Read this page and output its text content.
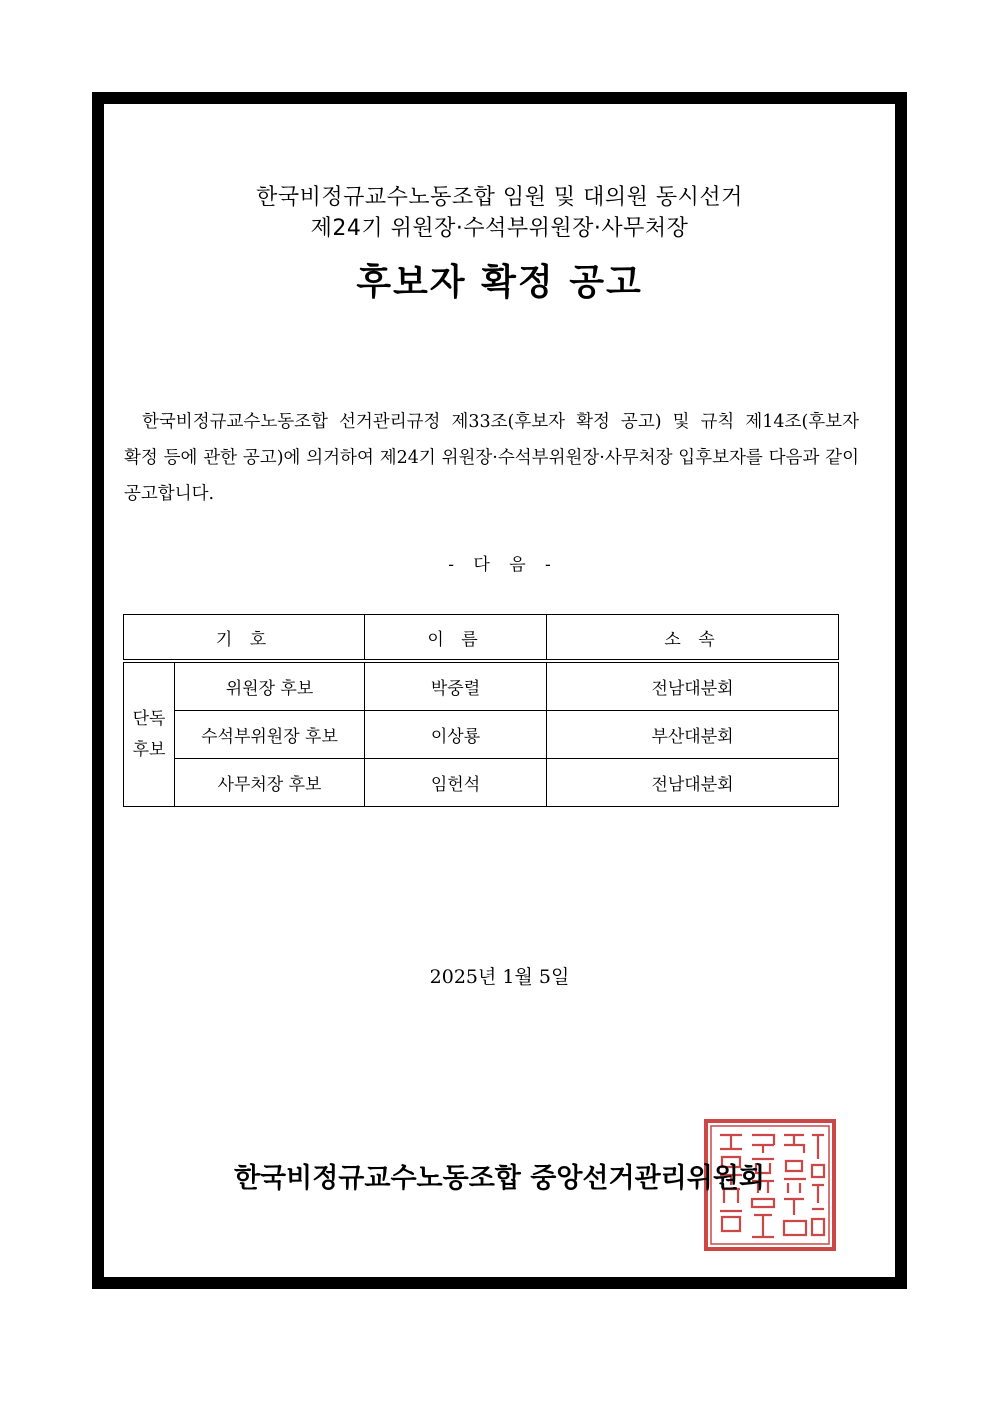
한국비정규교수노동조합 임원 및 대의원 동시선거
제24기 위원장·수석부위원장·사무처장
후보자 확정 공고
한국비정규교수노동조합 선거관리규정 제33조(후보자 확정 공고) 및 규칙 제14조(후보자 확정 등에 관한 공고)에 의거하여 제24기 위원장·수석부위원장·사무처장 입후보자를 다음과 같이 공고합니다.
- 다 음 -
기 호	이 름	소 속
단독
후보	위원장 후보	박중렬	전남대분회
	수석부위원장 후보	이상룡	부산대분회
	사무처장 후보	임헌석	전남대분회
2025년 1월 5일
한국비정규교수노동조합 중앙선거관리위원회
